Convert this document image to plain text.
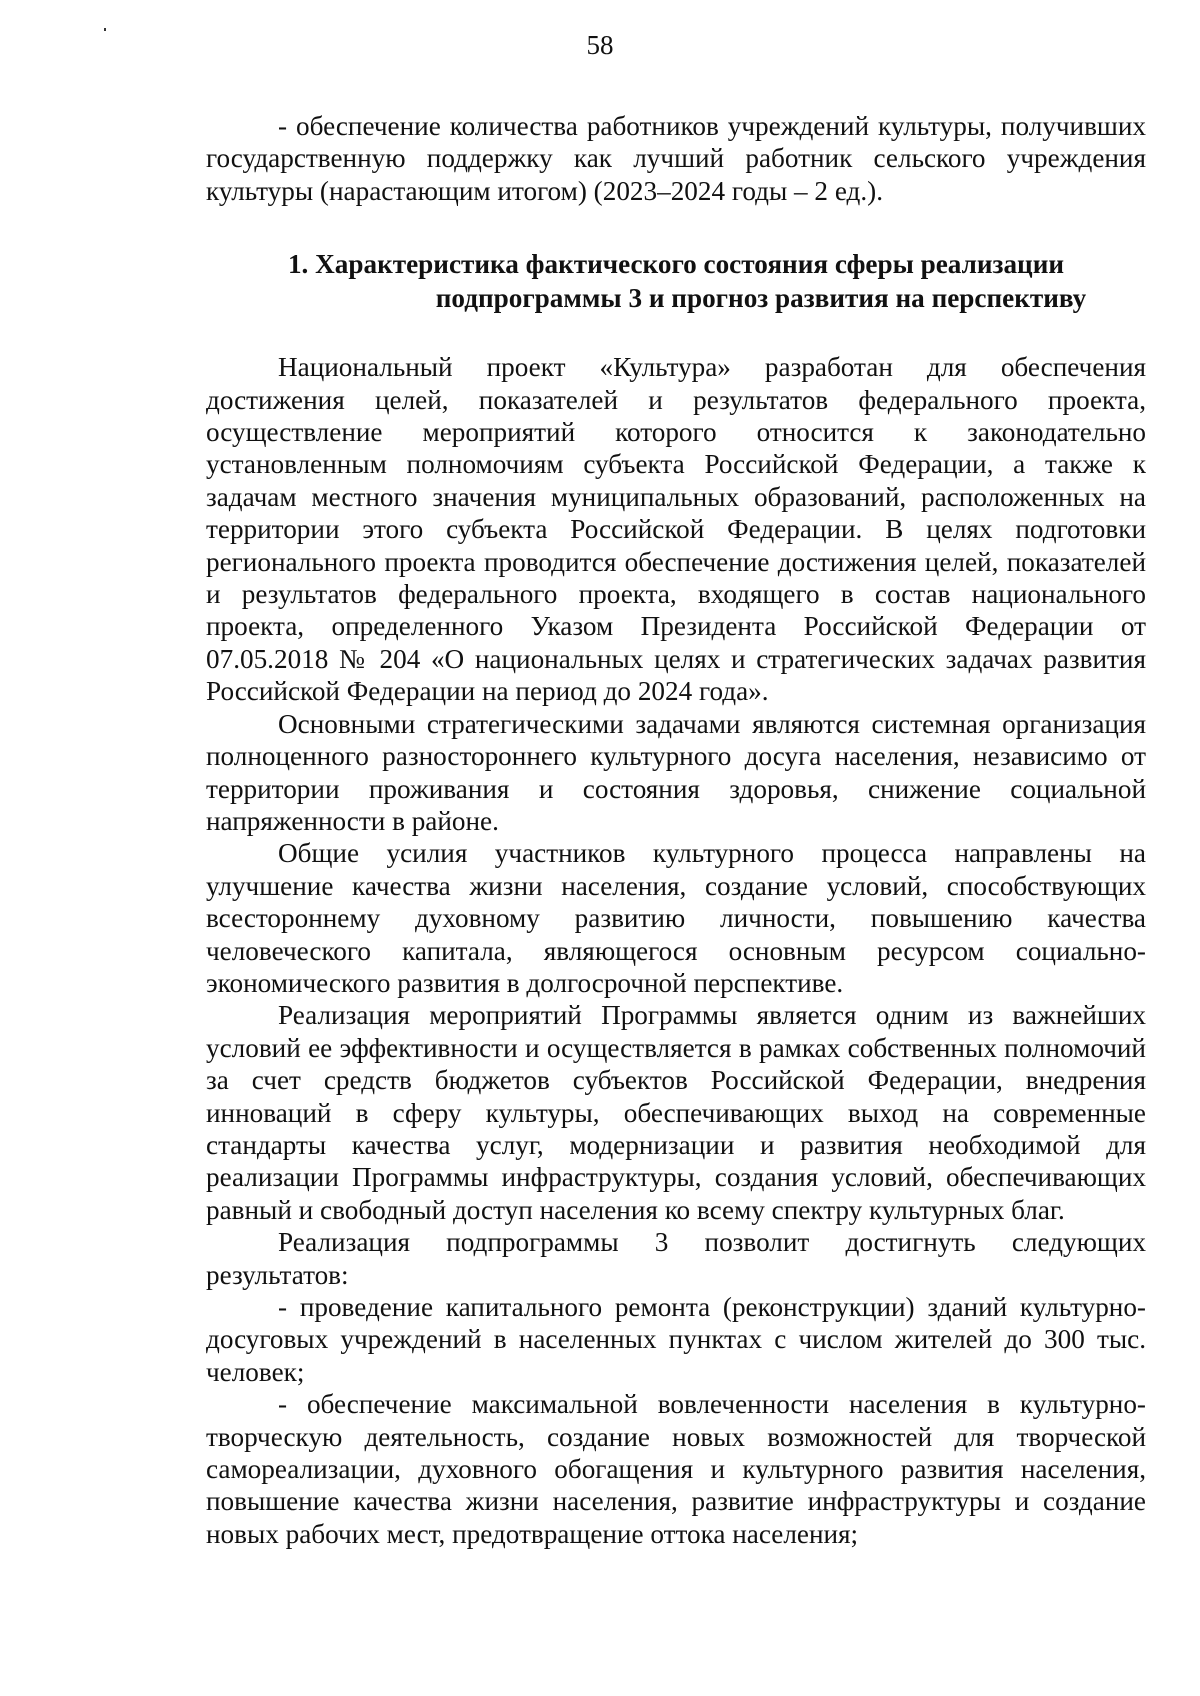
58

- обеспечение количества работников учреждений культуры, получивших государственную поддержку как лучший работник сельского учреждения культуры (нарастающим итогом) (2023–2024 годы – 2 ед.).

1. Характеристика фактического состояния сферы реализации
подпрограммы 3 и прогноз развития на перспективу

Национальный проект «Культура» разработан для обеспечения достижения целей, показателей и результатов федерального проекта, осуществление мероприятий которого относится к законодательно установленным полномочиям субъекта Российской Федерации, а также к задачам местного значения муниципальных образований, расположенных на территории этого субъекта Российской Федерации. В целях подготовки регионального проекта проводится обеспечение достижения целей, показателей и результатов федерального проекта, входящего в состав национального проекта, определенного Указом Президента Российской Федерации от 07.05.2018 № 204 «О национальных целях и стратегических задачах развития Российской Федерации на период до 2024 года».

Основными стратегическими задачами являются системная организация полноценного разностороннего культурного досуга населения, независимо от территории проживания и состояния здоровья, снижение социальной напряженности в районе.

Общие усилия участников культурного процесса направлены на улучшение качества жизни населения, создание условий, способствующих всестороннему духовному развитию личности, повышению качества человеческого капитала, являющегося основным ресурсом социально-экономического развития в долгосрочной перспективе.

Реализация мероприятий Программы является одним из важнейших условий ее эффективности и осуществляется в рамках собственных полномочий за счет средств бюджетов субъектов Российской Федерации, внедрения инноваций в сферу культуры, обеспечивающих выход на современные стандарты качества услуг, модернизации и развития необходимой для реализации Программы инфраструктуры, создания условий, обеспечивающих равный и свободный доступ населения ко всему спектру культурных благ.

Реализация подпрограммы 3 позволит достигнуть следующих результатов:

- проведение капитального ремонта (реконструкции) зданий культурно-досуговых учреждений в населенных пунктах с числом жителей до 300 тыс. человек;

- обеспечение максимальной вовлеченности населения в культурно-творческую деятельность, создание новых возможностей для творческой самореализации, духовного обогащения и культурного развития населения, повышение качества жизни населения, развитие инфраструктуры и создание новых рабочих мест, предотвращение оттока населения;
